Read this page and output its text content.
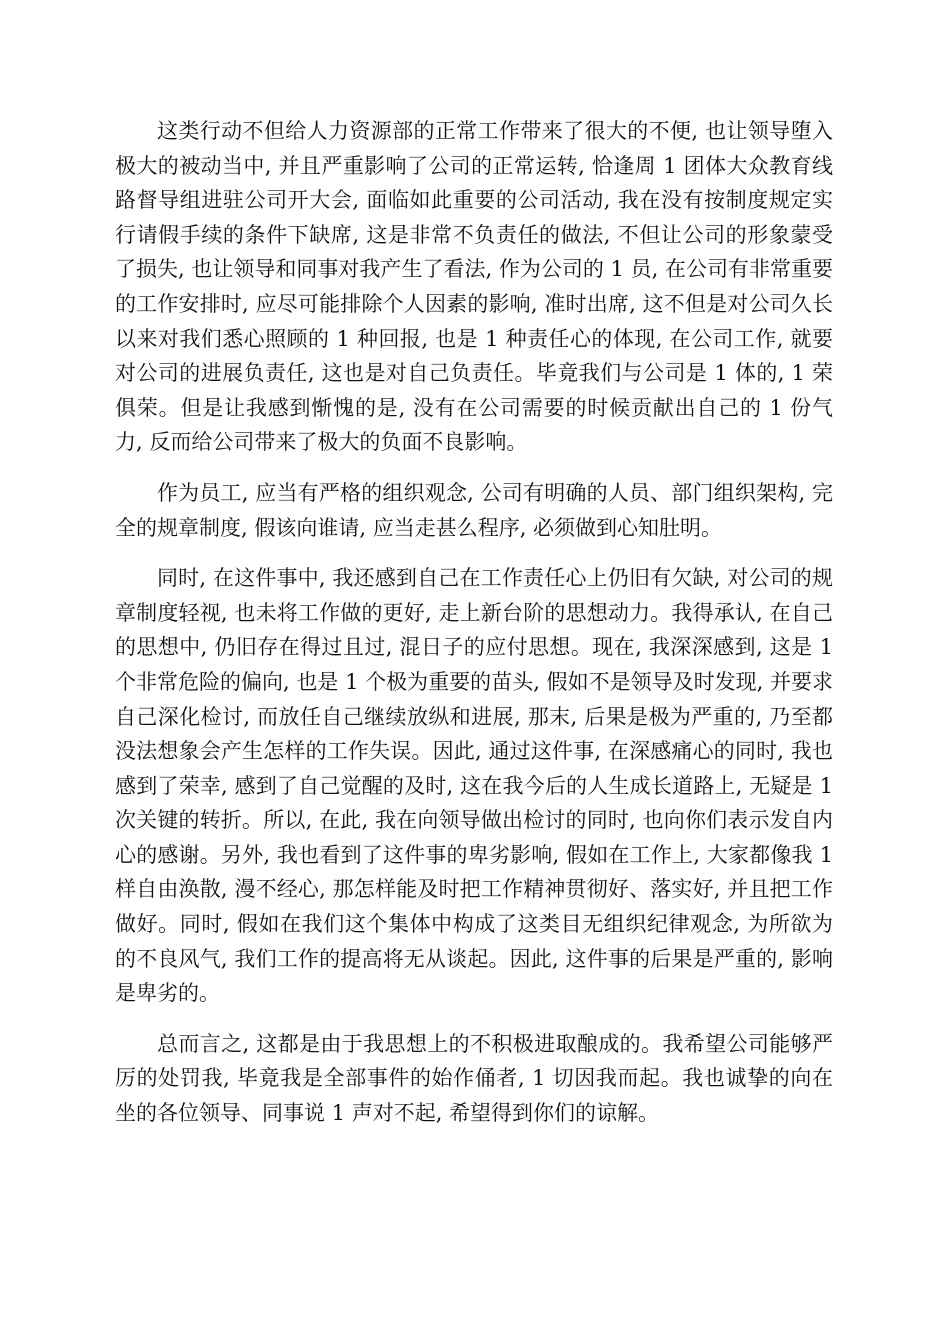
这类行动不但给人力资源部的正常工作带来了很大的不便, 也让领导堕入极大的被动当中, 并且严重影响了公司的正常运转, 恰逢周 1 团体大众教育线路督导组进驻公司开大会, 面临如此重要的公司活动, 我在没有按制度规定实行请假手续的条件下缺席, 这是非常不负责任的做法, 不但让公司的形象蒙受了损失, 也让领导和同事对我产生了看法, 作为公司的 1 员, 在公司有非常重要的工作安排时, 应尽可能排除个人因素的影响, 准时出席, 这不但是对公司久长以来对我们悉心照顾的 1 种回报, 也是 1 种责任心的体现, 在公司工作, 就要对公司的进展负责任, 这也是对自己负责任。毕竟我们与公司是 1 体的, 1 荣俱荣。但是让我感到惭愧的是, 没有在公司需要的时候贡献出自己的 1 份气力, 反而给公司带来了极大的负面不良影响。

作为员工, 应当有严格的组织观念, 公司有明确的人员、部门组织架构, 完全的规章制度, 假该向谁请, 应当走甚么程序, 必须做到心知肚明。

同时, 在这件事中, 我还感到自己在工作责任心上仍旧有欠缺, 对公司的规章制度轻视, 也未将工作做的更好, 走上新台阶的思想动力。我得承认, 在自己的思想中, 仍旧存在得过且过, 混日子的应付思想。现在, 我深深感到, 这是 1 个非常危险的偏向, 也是 1 个极为重要的苗头, 假如不是领导及时发现, 并要求自己深化检讨, 而放任自己继续放纵和进展, 那末, 后果是极为严重的, 乃至都没法想象会产生怎样的工作失误。因此, 通过这件事, 在深感痛心的同时, 我也感到了荣幸, 感到了自己觉醒的及时, 这在我今后的人生成长道路上, 无疑是 1 次关键的转折。所以, 在此, 我在向领导做出检讨的同时, 也向你们表示发自内心的感谢。另外, 我也看到了这件事的卑劣影响, 假如在工作上, 大家都像我 1 样自由涣散, 漫不经心, 那怎样能及时把工作精神贯彻好、落实好, 并且把工作做好。同时, 假如在我们这个集体中构成了这类目无组织纪律观念, 为所欲为的不良风气, 我们工作的提高将无从谈起。因此, 这件事的后果是严重的, 影响是卑劣的。

总而言之, 这都是由于我思想上的不积极进取酿成的。我希望公司能够严厉的处罚我, 毕竟我是全部事件的始作俑者, 1 切因我而起。我也诚挚的向在坐的各位领导、同事说 1 声对不起, 希望得到你们的谅解。
